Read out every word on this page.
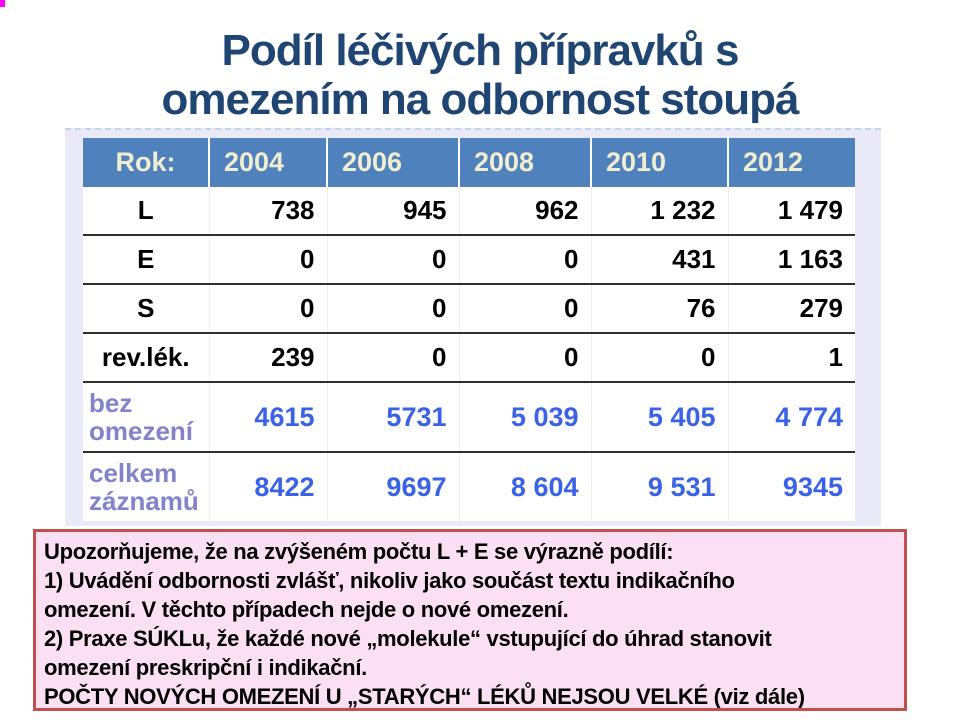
Podíl léčivých přípravků s
omezením na odbornost stoupá
Rok:	2004	2006	2008	2010	2012
L	738	945	962	1 232	1 479
E	0	0	0	431	1 163
S	0	0	0	76	279
rev.lék.	239	0	0	0	1
bez omezení	4615	5731	5 039	5 405	4 774
celkem záznamů	8422	9697	8 604	9 531	9345
Upozorňujeme, že na zvýšeném počtu L + E se výrazně podílí:
1) Uvádění odbornosti zvlášť, nikoliv jako součást textu indikačního
omezení. V těchto případech nejde o nové omezení.
2) Praxe SÚKLu, že každé nové „molekule“ vstupující do úhrad stanovit
omezení preskripční i indikační.
POČTY NOVÝCH OMEZENÍ U „STARÝCH“ LÉKŮ NEJSOU VELKÉ (viz dále)
